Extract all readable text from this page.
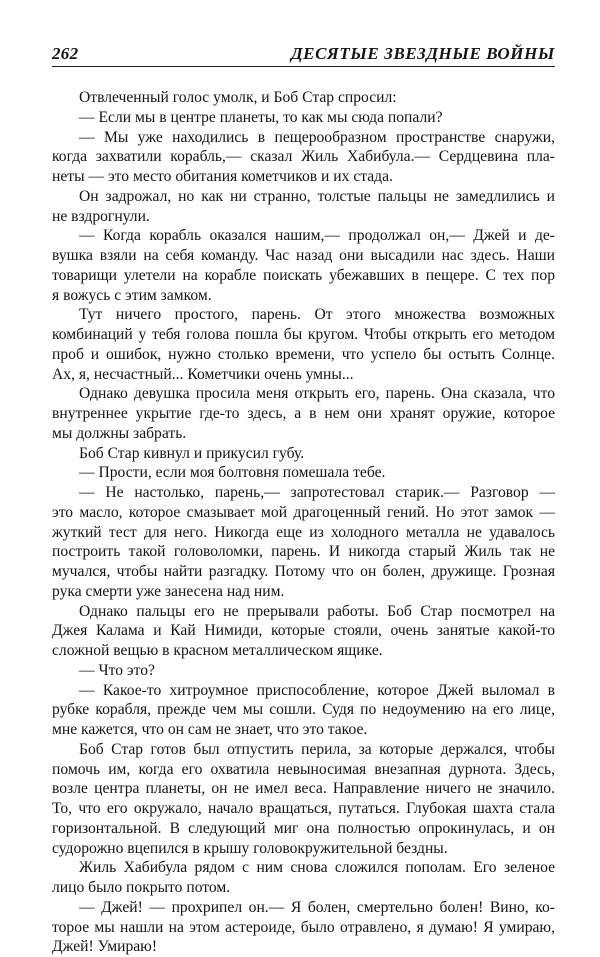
262	ДЕСЯТЫЕ ЗВЕЗДНЫЕ ВОЙНЫ
Отвлеченный голос умолк, и Боб Стар спросил:
— Если мы в центре планеты, то как мы сюда попали?
— Мы уже находились в пещерообразном пространстве снаружи,
когда захватили корабль,— сказал Жиль Хабибула.— Сердцевина пла-
неты — это место обитания кометчиков и их стада.
Он задрожал, но как ни странно, толстые пальцы не замедлились и
не вздрогнули.
— Когда корабль оказался нашим,— продолжал он,— Джей и де-
вушка взяли на себя команду. Час назад они высадили нас здесь. Наши
товарищи улетели на корабле поискать убежавших в пещере. С тех пор
я вожусь с этим замком.
Тут ничего простого, парень. От этого множества возможных
комбинаций у тебя голова пошла бы кругом. Чтобы открыть его методом
проб и ошибок, нужно столько времени, что успело бы остыть Солнце.
Ах, я, несчастный... Кометчики очень умны...
Однако девушка просила меня открыть его, парень. Она сказала, что
внутреннее укрытие где-то здесь, а в нем они хранят оружие, которое
мы должны забрать.
Боб Стар кивнул и прикусил губу.
— Прости, если моя болтовня помешала тебе.
— Не настолько, парень,— запротестовал старик.— Разговор —
это масло, которое смазывает мой драгоценный гений. Но этот замок —
жуткий тест для него. Никогда еще из холодного металла не удавалось
построить такой головоломки, парень. И никогда старый Жиль так не
мучался, чтобы найти разгадку. Потому что он болен, дружище. Грозная
рука смерти уже занесена над ним.
Однако пальцы его не прерывали работы. Боб Стар посмотрел на
Джея Калама и Кай Нимиди, которые стояли, очень занятые какой-то
сложной вещью в красном металлическом ящике.
— Что это?
— Какое-то хитроумное приспособление, которое Джей выломал в
рубке корабля, прежде чем мы сошли. Судя по недоумению на его лице,
мне кажется, что он сам не знает, что это такое.
Боб Стар готов был отпустить перила, за которые держался, чтобы
помочь им, когда его охватила невыносимая внезапная дурнота. Здесь,
возле центра планеты, он не имел веса. Направление ничего не значило.
То, что его окружало, начало вращаться, путаться. Глубокая шахта стала
горизонтальной. В следующий миг она полностью опрокинулась, и он
судорожно вцепился в крышу головокружительной бездны.
Жиль Хабибула рядом с ним снова сложился пополам. Его зеленое
лицо было покрыто потом.
— Джей! — прохрипел он.— Я болен, смертельно болен! Вино, ко-
торое мы нашли на этом астероиде, было отравлено, я думаю! Я умираю,
Джей! Умираю!
